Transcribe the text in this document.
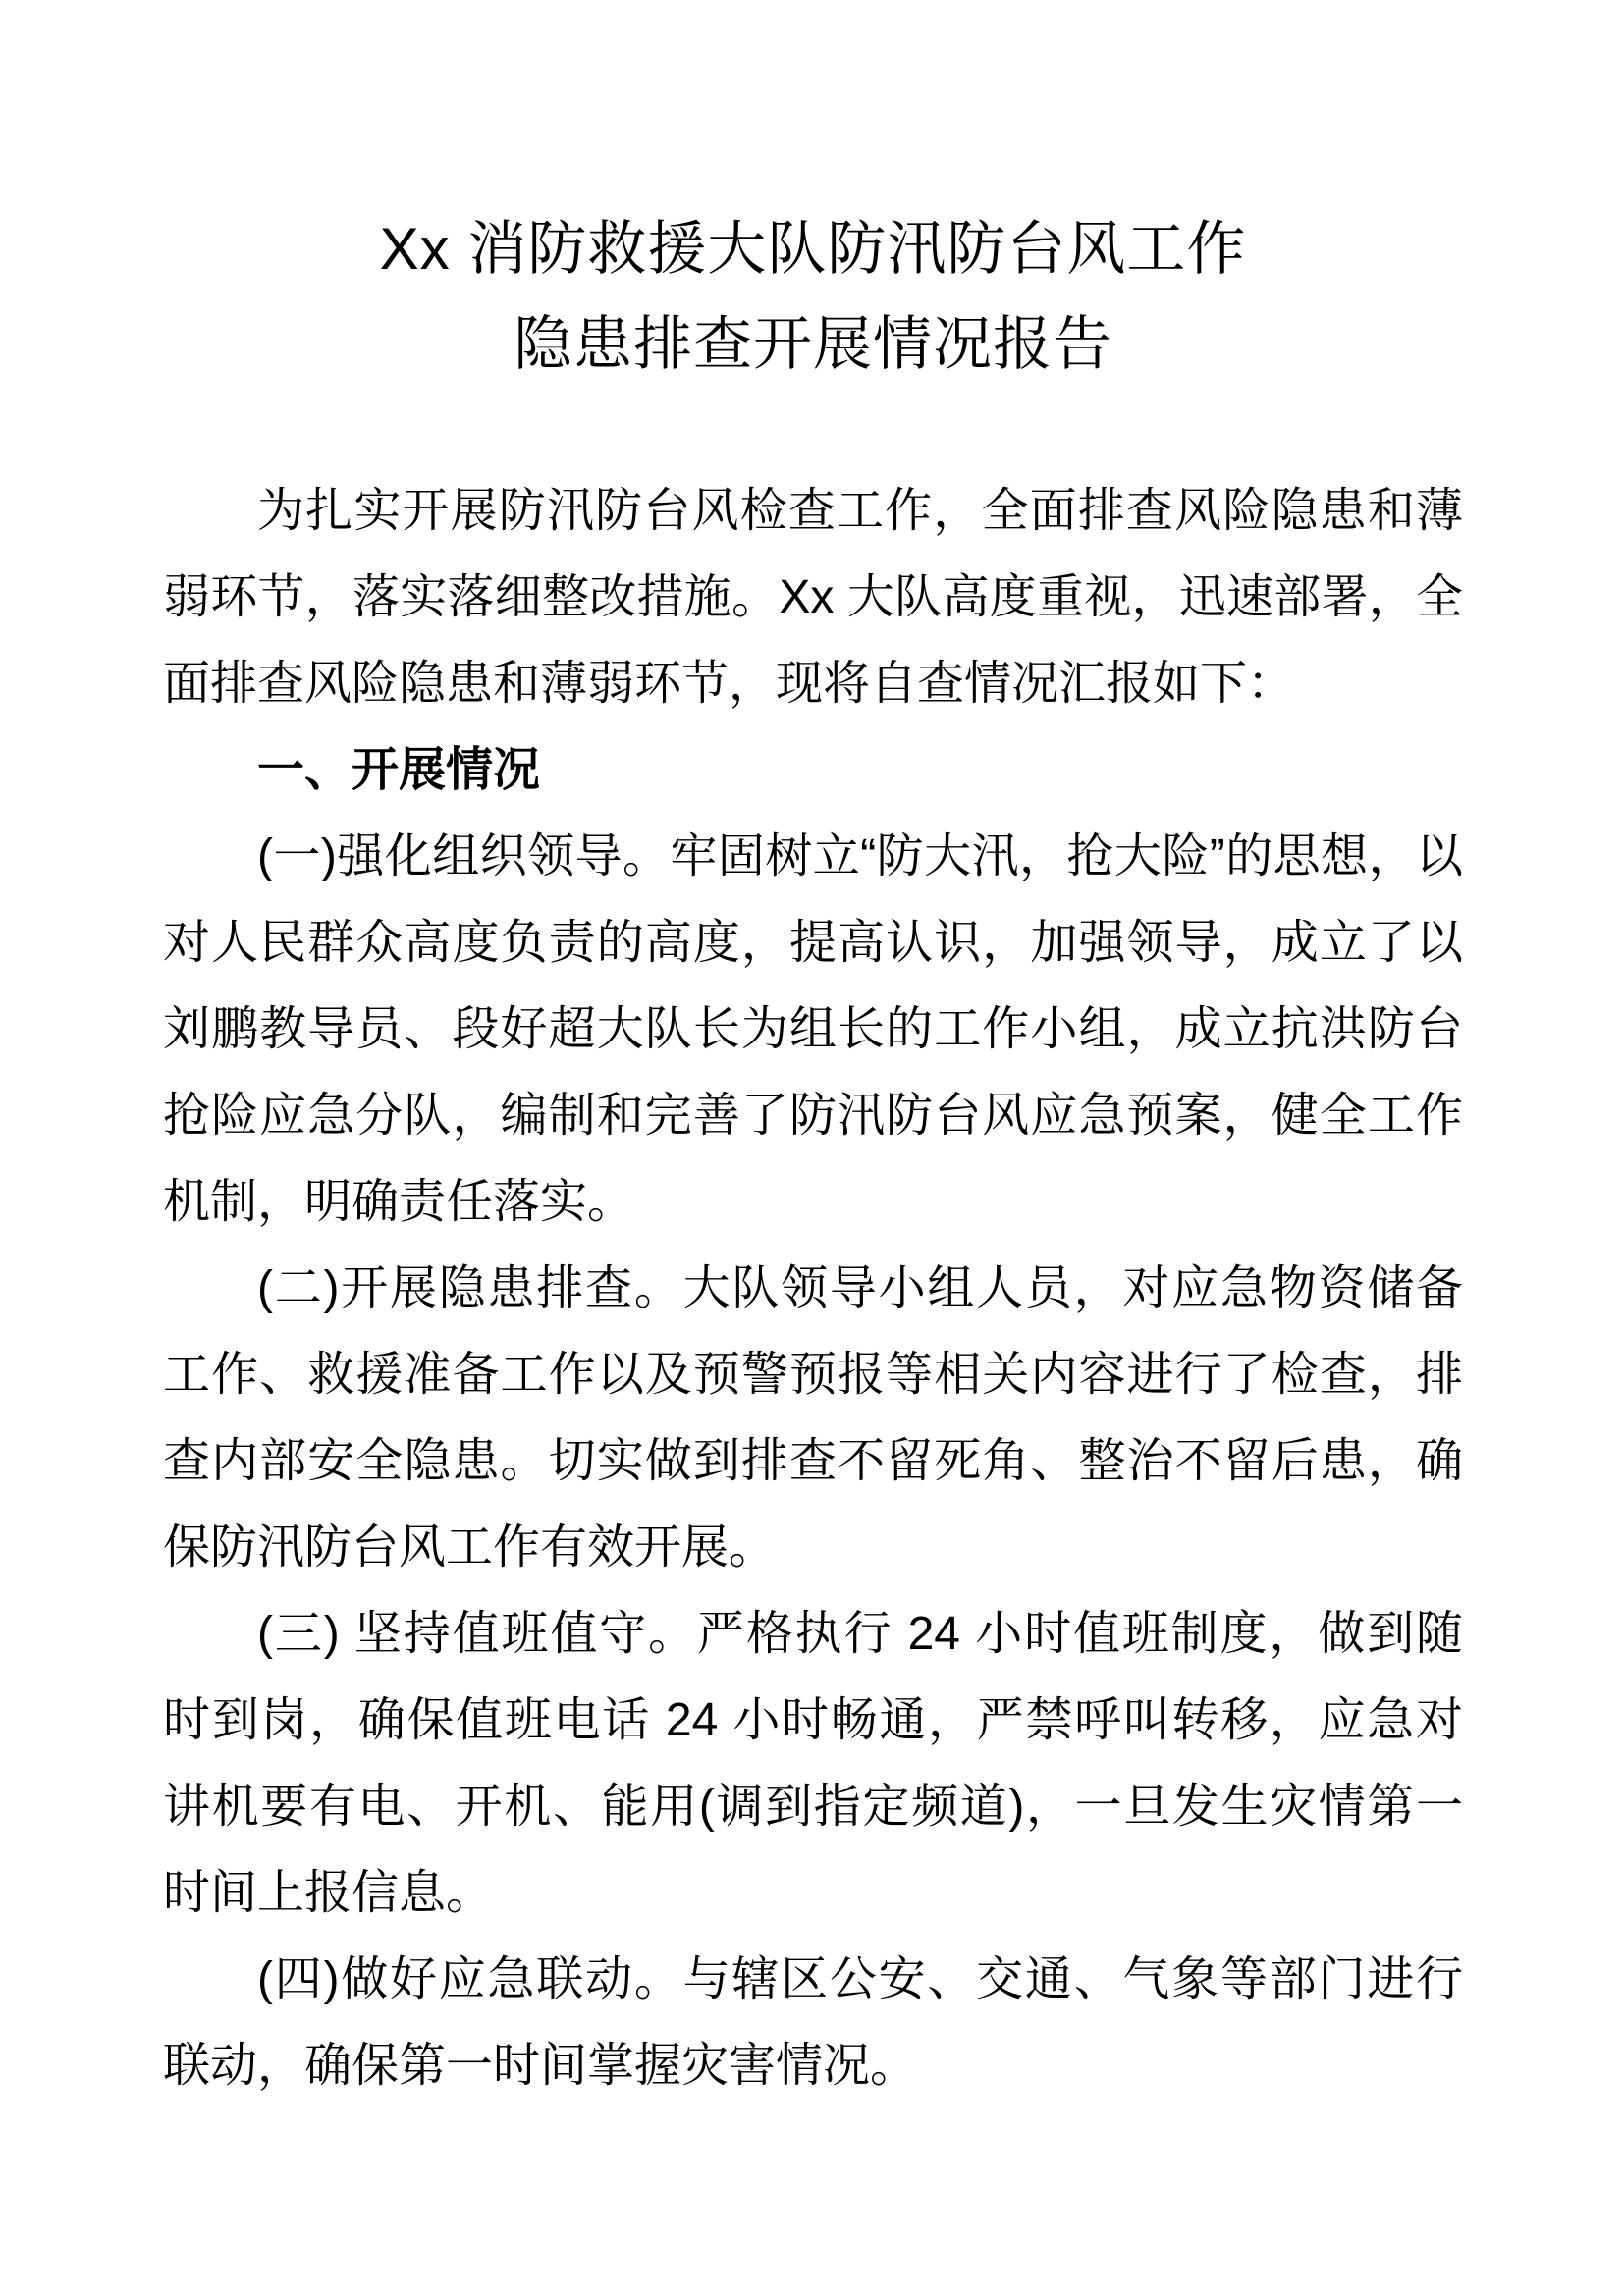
Xx 消防救援大队防汛防台风工作
隐患排查开展情况报告

为扎实开展防汛防台风检查工作，全面排查风险隐患和薄弱环节，落实落细整改措施。Xx 大队高度重视，迅速部署，全面排查风险隐患和薄弱环节，现将自查情况汇报如下：

一、开展情况

(一)强化组织领导。牢固树立“防大汛，抢大险”的思想，以对人民群众高度负责的高度，提高认识，加强领导，成立了以刘鹏教导员、段好超大队长为组长的工作小组，成立抗洪防台抢险应急分队，编制和完善了防汛防台风应急预案，健全工作机制，明确责任落实。

(二)开展隐患排查。大队领导小组人员，对应急物资储备工作、救援准备工作以及预警预报等相关内容进行了检查，排查内部安全隐患。切实做到排查不留死角、整治不留后患，确保防汛防台风工作有效开展。

(三) 坚持值班值守。严格执行 24 小时值班制度，做到随时到岗，确保值班电话 24 小时畅通，严禁呼叫转移，应急对讲机要有电、开机、能用(调到指定频道)，一旦发生灾情第一时间上报信息。

(四)做好应急联动。与辖区公安、交通、气象等部门进行联动，确保第一时间掌握灾害情况。
